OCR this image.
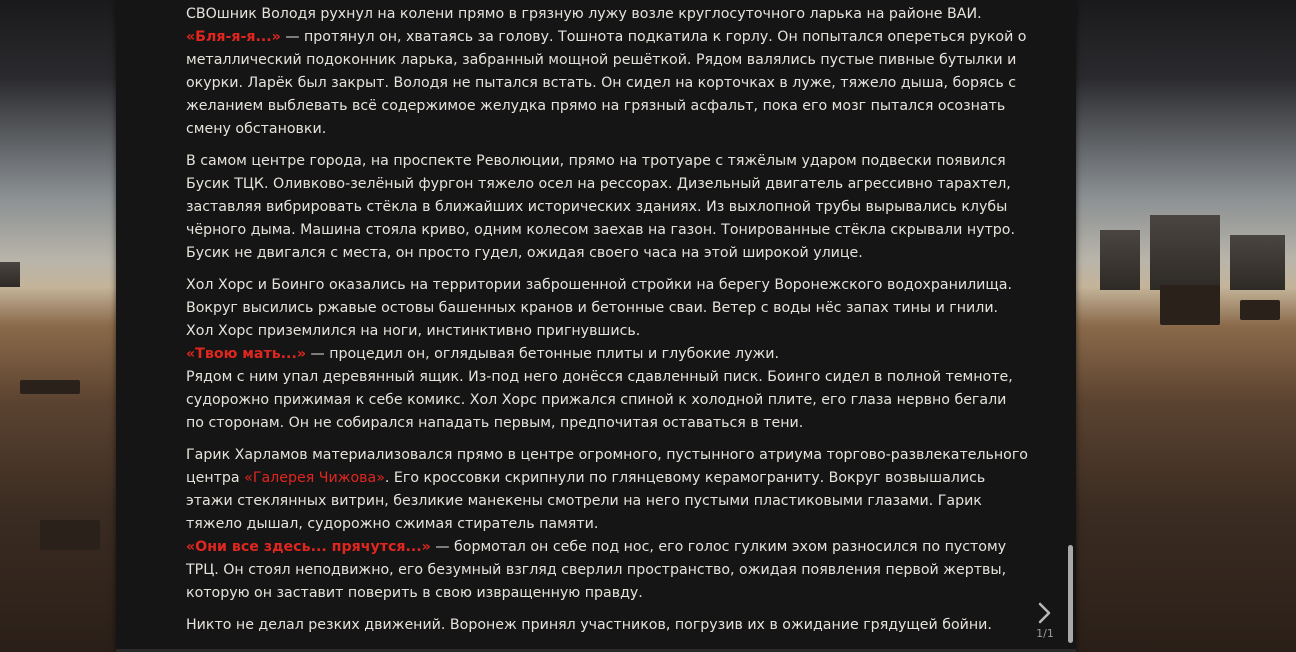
СВОшник Володя рухнул на колени прямо в грязную лужу возле круглосуточного ларька на районе ВАИ.
«Бля-я-я...» — протянул он, хватаясь за голову. Тошнота подкатила к горлу. Он попытался опереться рукой о металлический подоконник ларька, забранный мощной решёткой. Рядом валялись пустые пивные бутылки и окурки. Ларёк был закрыт. Володя не пытался встать. Он сидел на корточках в луже, тяжело дыша, борясь с желанием выблевать всё содержимое желудка прямо на грязный асфальт, пока его мозг пытался осознать смену обстановки.

В самом центре города, на проспекте Революции, прямо на тротуаре с тяжёлым ударом подвески появился Бусик ТЦК. Оливково-зелёный фургон тяжело осел на рессорах. Дизельный двигатель агрессивно тарахтел, заставляя вибрировать стёкла в ближайших исторических зданиях. Из выхлопной трубы вырывались клубы чёрного дыма. Машина стояла криво, одним колесом заехав на газон. Тонированные стёкла скрывали нутро. Бусик не двигался с места, он просто гудел, ожидая своего часа на этой широкой улице.

Хол Хорс и Боинго оказались на территории заброшенной стройки на берегу Воронежского водохранилища. Вокруг высились ржавые остовы башенных кранов и бетонные сваи. Ветер с воды нёс запах тины и гнили. Хол Хорс приземлился на ноги, инстинктивно пригнувшись.
«Твою мать...» — процедил он, оглядывая бетонные плиты и глубокие лужи.
Рядом с ним упал деревянный ящик. Из-под него донёсся сдавленный писк. Боинго сидел в полной темноте, судорожно прижимая к себе комикс. Хол Хорс прижался спиной к холодной плите, его глаза нервно бегали по сторонам. Он не собирался нападать первым, предпочитая оставаться в тени.

Гарик Харламов материализовался прямо в центре огромного, пустынного атриума торгово-развлекательного центра «Галерея Чижова». Его кроссовки скрипнули по глянцевому керамограниту. Вокруг возвышались этажи стеклянных витрин, безликие манекены смотрели на него пустыми пластиковыми глазами. Гарик тяжело дышал, судорожно сжимая стиратель памяти.
«Они все здесь... прячутся...» — бормотал он себе под нос, его голос гулким эхом разносился по пустому ТРЦ. Он стоял неподвижно, его безумный взгляд сверлил пространство, ожидая появления первой жертвы, которую он заставит поверить в свою извращенную правду.

Никто не делал резких движений. Воронеж принял участников, погрузив их в ожидание грядущей бойни.

1/1
